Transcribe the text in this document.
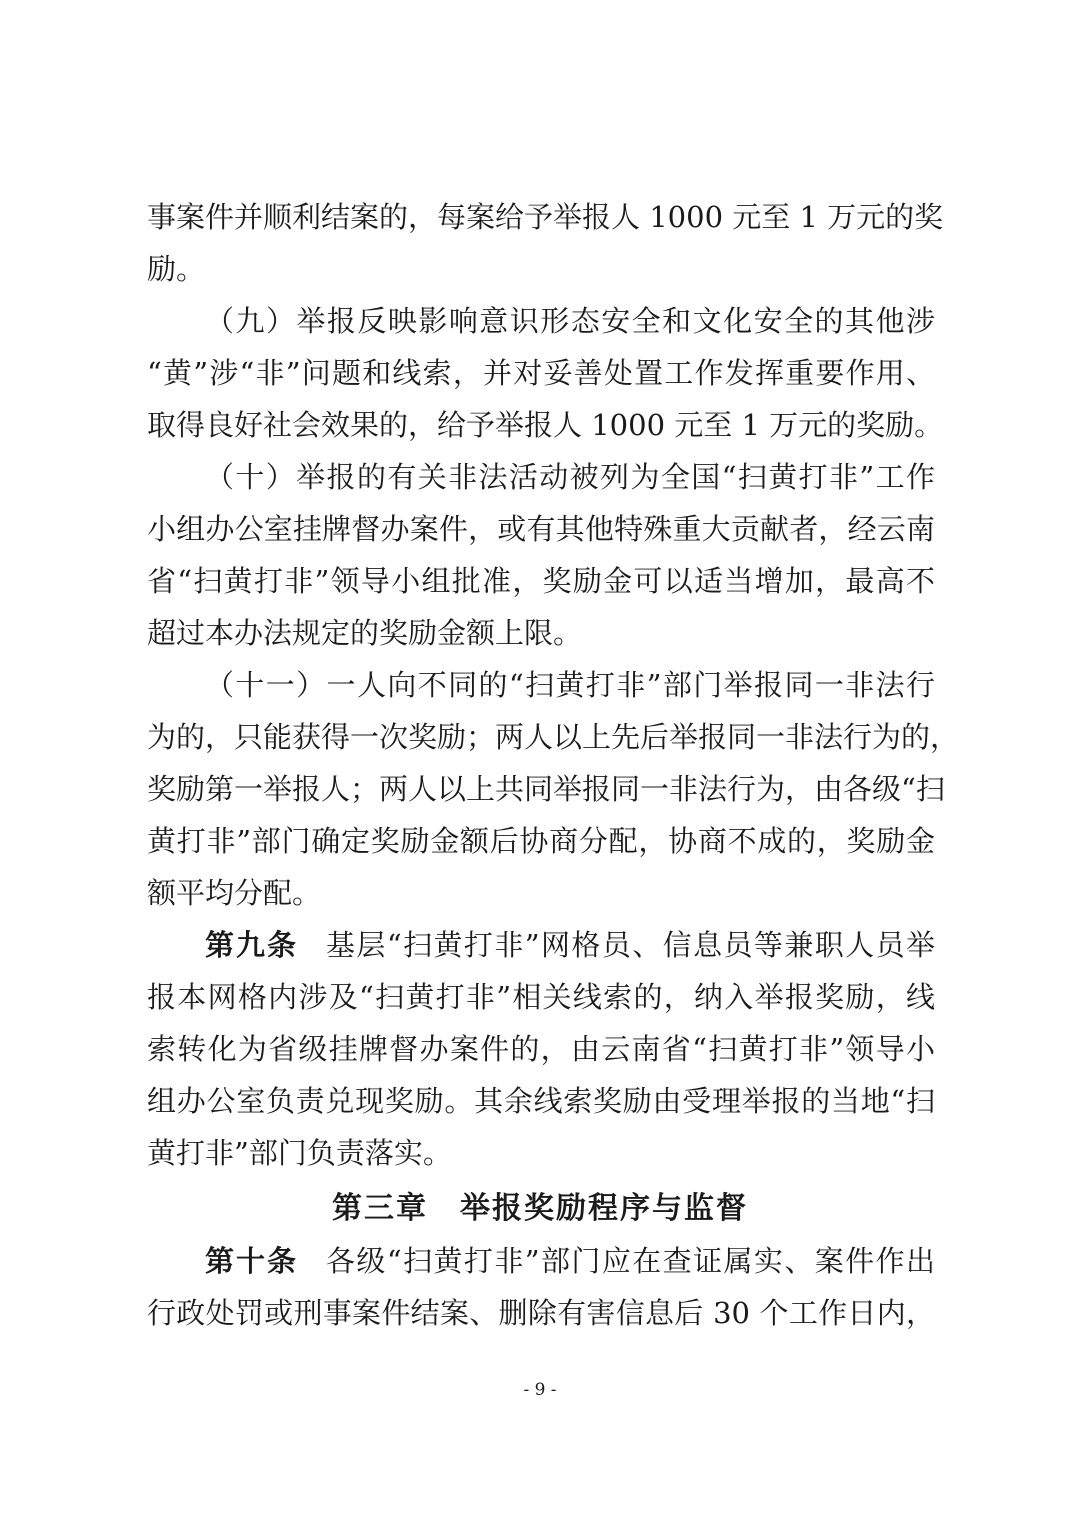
事案件并顺利结案的，每案给予举报人 1000 元至 1 万元的奖
励。
（九）举报反映影响意识形态安全和文化安全的其他涉
“黄”涉“非”问题和线索，并对妥善处置工作发挥重要作用、
取得良好社会效果的，给予举报人 1000 元至 1 万元的奖励。
（十）举报的有关非法活动被列为全国“扫黄打非”工作
小组办公室挂牌督办案件，或有其他特殊重大贡献者，经云南
省“扫黄打非”领导小组批准，奖励金可以适当增加，最高不
超过本办法规定的奖励金额上限。
（十一）一人向不同的“扫黄打非”部门举报同一非法行
为的，只能获得一次奖励；两人以上先后举报同一非法行为的，
奖励第一举报人；两人以上共同举报同一非法行为，由各级“扫
黄打非”部门确定奖励金额后协商分配，协商不成的，奖励金
额平均分配。
第九条 基层“扫黄打非”网格员、信息员等兼职人员举
报本网格内涉及“扫黄打非”相关线索的，纳入举报奖励，线
索转化为省级挂牌督办案件的，由云南省“扫黄打非”领导小
组办公室负责兑现奖励。其余线索奖励由受理举报的当地“扫
黄打非”部门负责落实。
第三章　举报奖励程序与监督
第十条 各级“扫黄打非”部门应在查证属实、案件作出
行政处罚或刑事案件结案、删除有害信息后 30 个工作日内，
- 9 -
